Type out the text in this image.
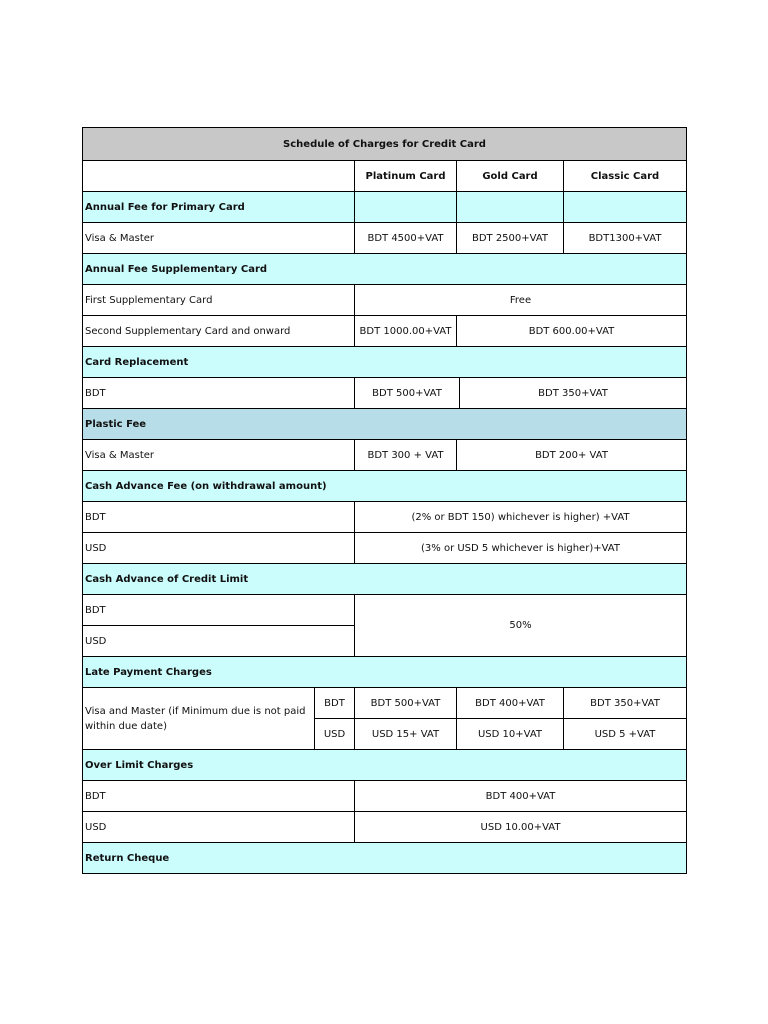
Schedule of Charges for Credit Card					
		Platinum Card	Gold Card		Classic Card
Annual Fee for Primary Card					
Visa & Master		BDT 4500+VAT	BDT 2500+VAT		BDT1300+VAT
Annual Fee Supplementary Card					
First Supplementary Card		Free			
Second Supplementary Card and onward		BDT 1000.00+VAT	BDT 600.00+VAT		
Card Replacement					
BDT		BDT 500+VAT		BDT 350+VAT	
Plastic Fee					
Visa & Master		BDT 300 + VAT	BDT 200+ VAT		
Cash Advance Fee (on withdrawal amount)					
BDT		(2% or BDT 150) whichever is higher) +VAT			
USD		(3% or USD 5 whichever is higher)+VAT			
Cash Advance of Credit Limit					
BDT		50%			
USD					
Late Payment Charges					
Visa and Master (if Minimum due is not paid within due date)	BDT	BDT 500+VAT	BDT 400+VAT		BDT 350+VAT
	USD	USD 15+ VAT	USD 10+VAT		USD 5 +VAT
Over Limit Charges					
BDT		BDT 400+VAT			
USD		USD 10.00+VAT			
Return Cheque					
